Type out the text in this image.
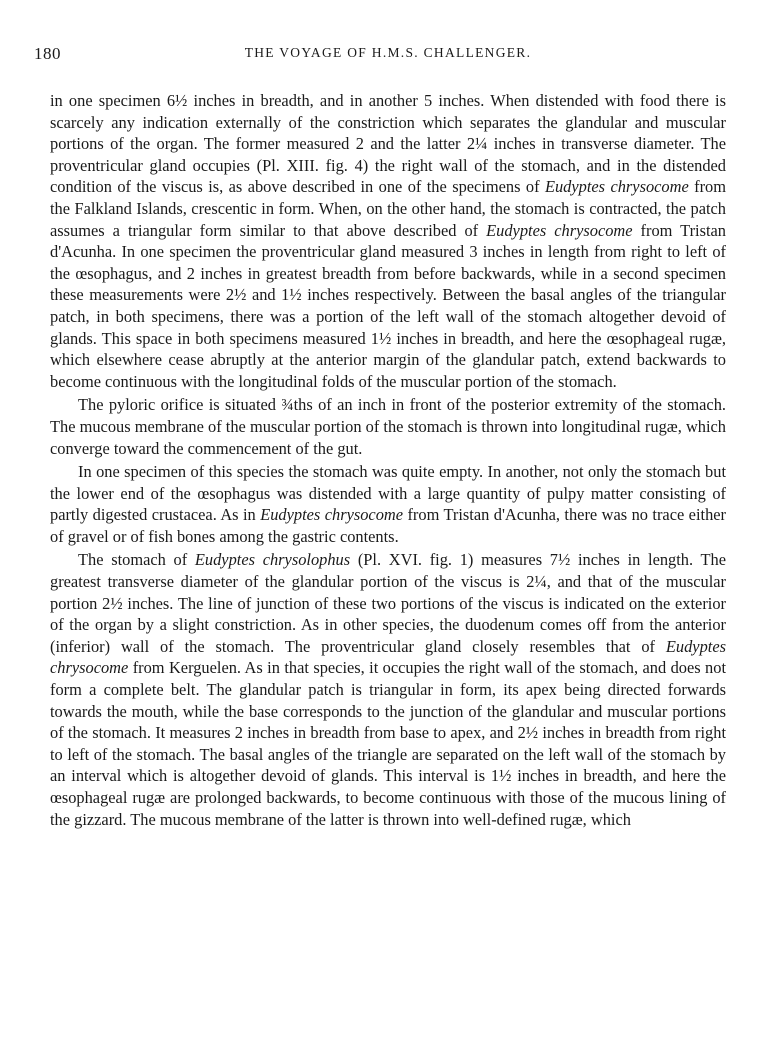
180	THE VOYAGE OF H.M.S. CHALLENGER.

in one specimen 6½ inches in breadth, and in another 5 inches. When distended with food there is scarcely any indication externally of the constriction which separates the glandular and muscular portions of the organ. The former measured 2 and the latter 2¼ inches in transverse diameter. The proventricular gland occupies (Pl. XIII. fig. 4) the right wall of the stomach, and in the distended condition of the viscus is, as above described in one of the specimens of Eudyptes chrysocome from the Falkland Islands, crescentic in form. When, on the other hand, the stomach is contracted, the patch assumes a triangular form similar to that above described of Eudyptes chrysocome from Tristan d'Acunha. In one specimen the proventricular gland measured 3 inches in length from right to left of the œsophagus, and 2 inches in greatest breadth from before backwards, while in a second specimen these measurements were 2½ and 1½ inches respectively. Between the basal angles of the triangular patch, in both specimens, there was a portion of the left wall of the stomach altogether devoid of glands. This space in both specimens measured 1½ inches in breadth, and here the œsophageal rugæ, which elsewhere cease abruptly at the anterior margin of the glandular patch, extend backwards to become continuous with the longitudinal folds of the muscular portion of the stomach.

The pyloric orifice is situated ¾ths of an inch in front of the posterior extremity of the stomach. The mucous membrane of the muscular portion of the stomach is thrown into longitudinal rugæ, which converge toward the commencement of the gut.

In one specimen of this species the stomach was quite empty. In another, not only the stomach but the lower end of the œsophagus was distended with a large quantity of pulpy matter consisting of partly digested crustacea. As in Eudyptes chrysocome from Tristan d'Acunha, there was no trace either of gravel or of fish bones among the gastric contents.

The stomach of Eudyptes chrysolophus (Pl. XVI. fig. 1) measures 7½ inches in length. The greatest transverse diameter of the glandular portion of the viscus is 2¼, and that of the muscular portion 2½ inches. The line of junction of these two portions of the viscus is indicated on the exterior of the organ by a slight constriction. As in other species, the duodenum comes off from the anterior (inferior) wall of the stomach. The proventricular gland closely resembles that of Eudyptes chrysocome from Kerguelen. As in that species, it occupies the right wall of the stomach, and does not form a complete belt. The glandular patch is triangular in form, its apex being directed forwards towards the mouth, while the base corresponds to the junction of the glandular and muscular portions of the stomach. It measures 2 inches in breadth from base to apex, and 2½ inches in breadth from right to left of the stomach. The basal angles of the triangle are separated on the left wall of the stomach by an interval which is altogether devoid of glands. This interval is 1½ inches in breadth, and here the œsophageal rugæ are prolonged backwards, to become continuous with those of the mucous lining of the gizzard. The mucous membrane of the latter is thrown into well-defined rugæ, which
